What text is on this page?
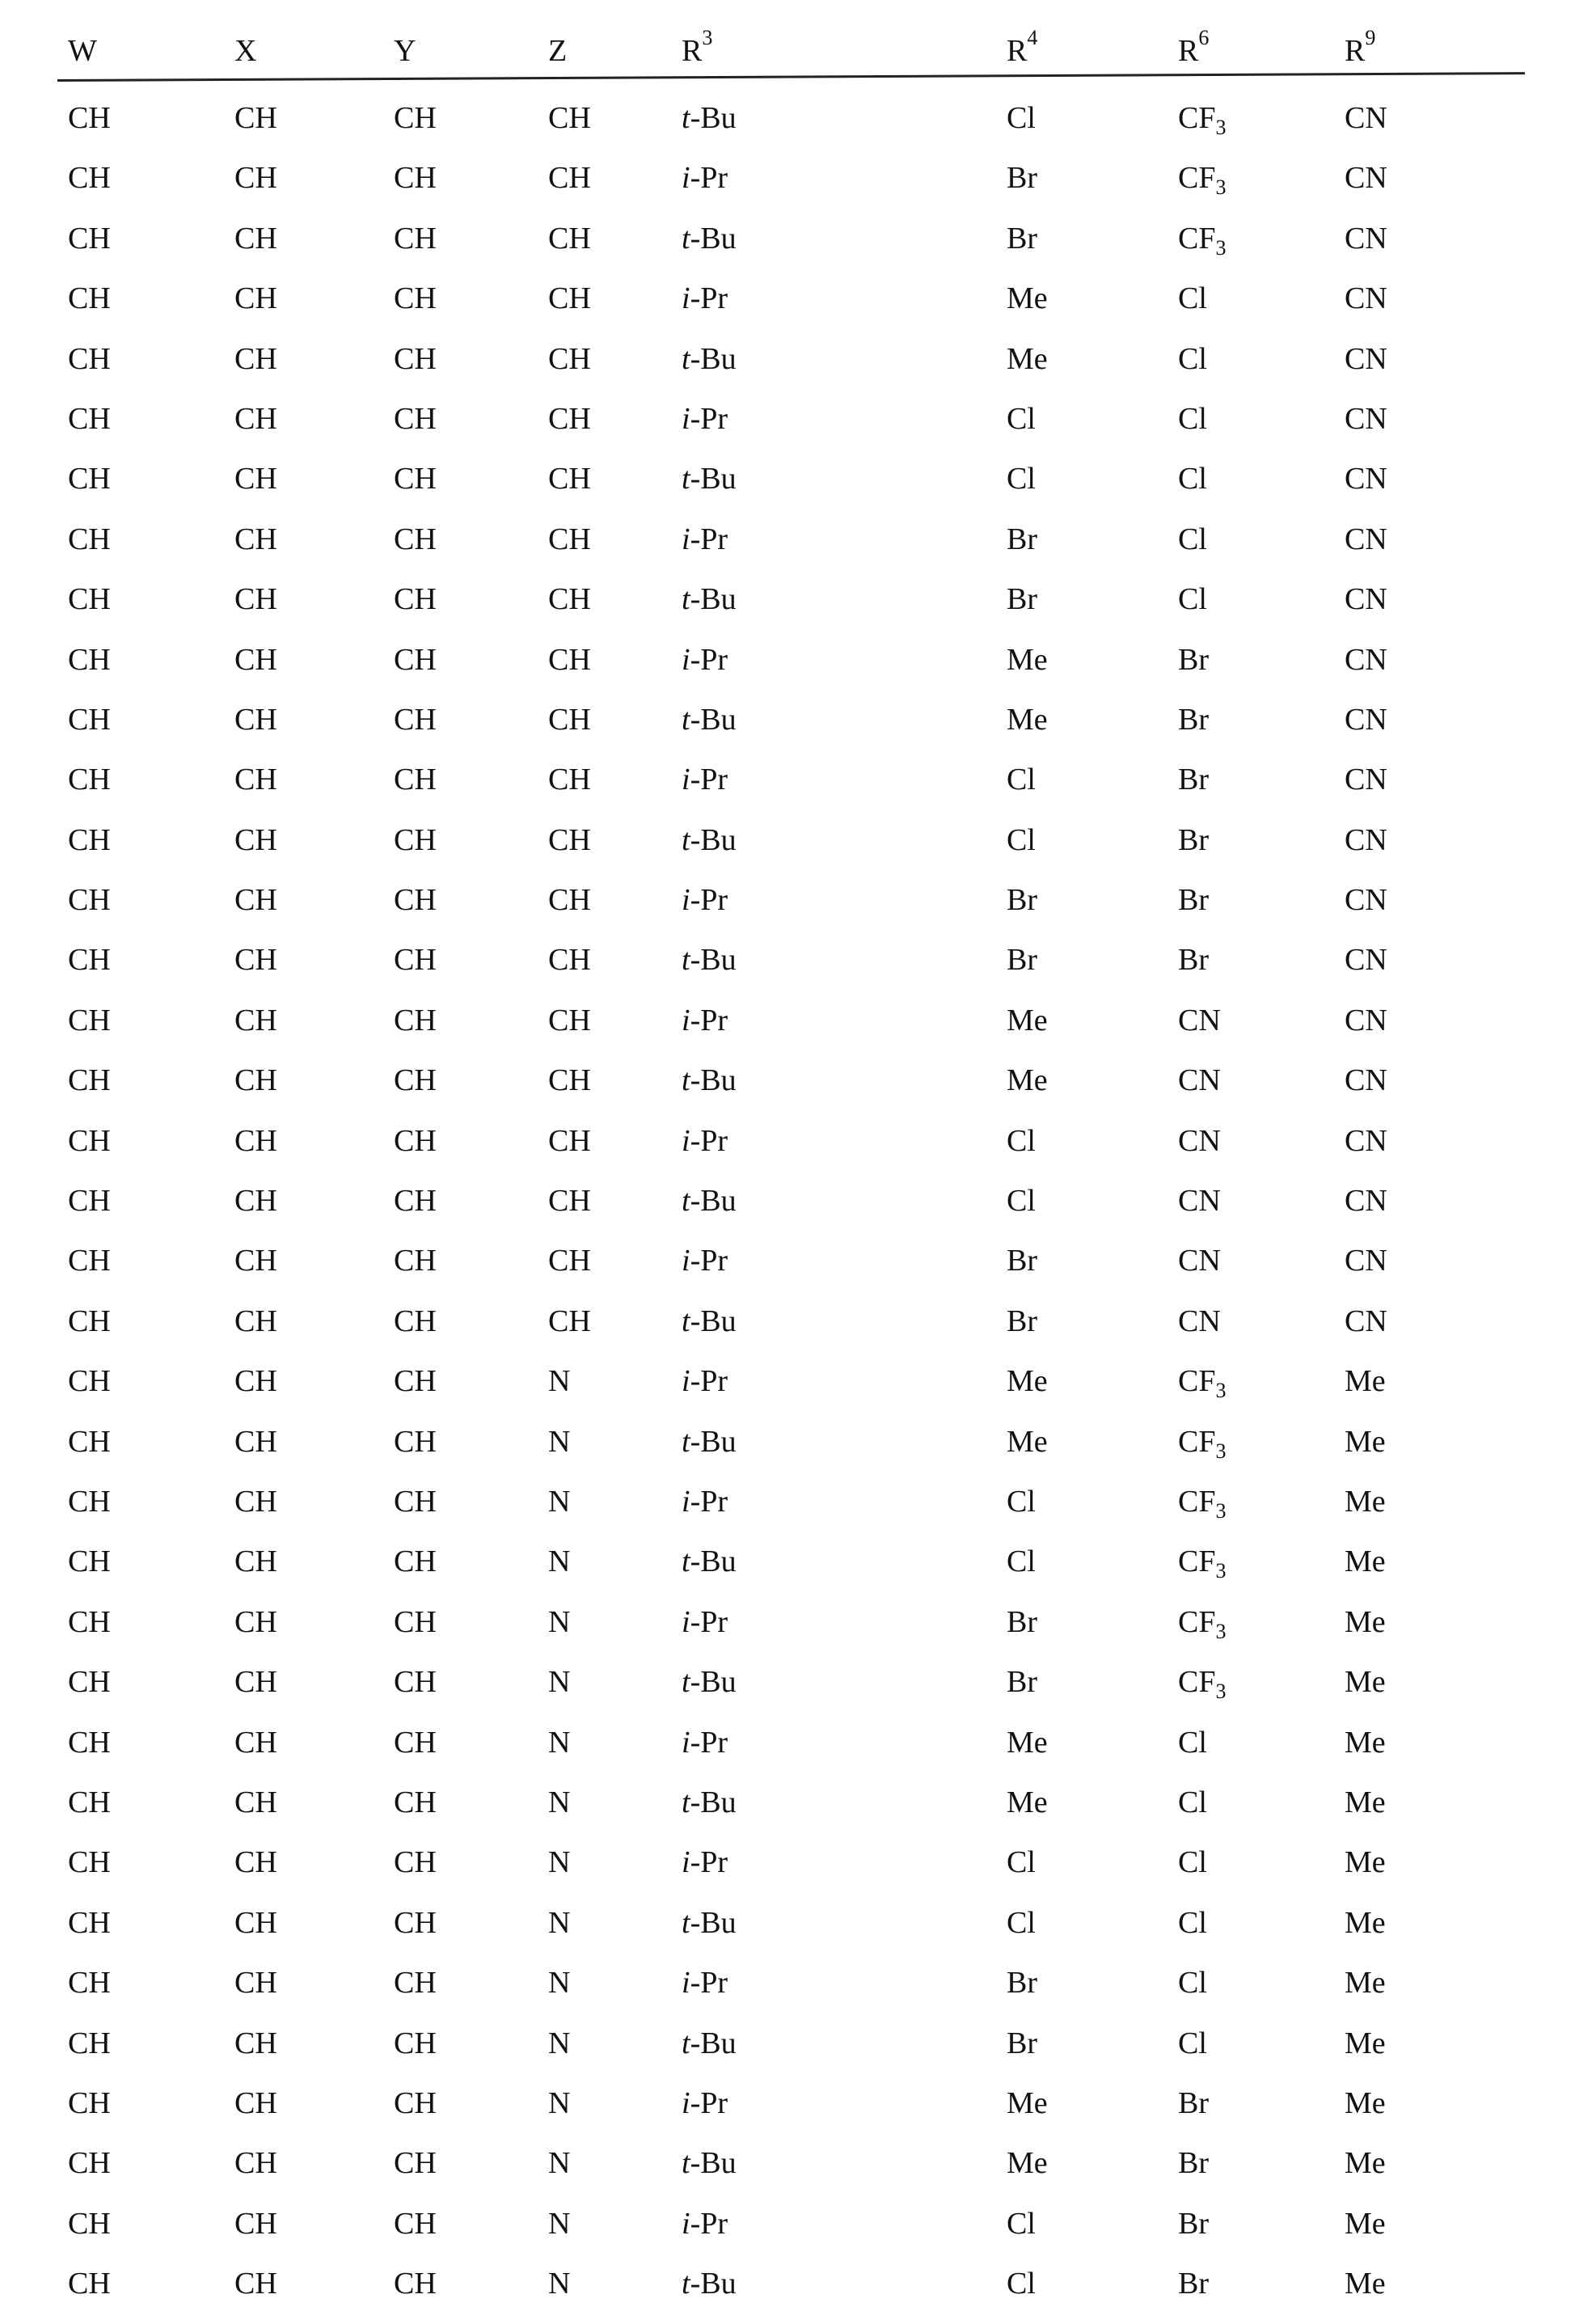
W	X	Y	Z	$R^3$	$R^4$	$R^6$	$R^9$
CH	CH	CH	CH	t-Bu	Cl	$CF_3$	CN
CH	CH	CH	CH	i-Pr	Br	$CF_3$	CN
CH	CH	CH	CH	t-Bu	Br	$CF_3$	CN
CH	CH	CH	CH	i-Pr	Me	Cl	CN
CH	CH	CH	CH	t-Bu	Me	Cl	CN
CH	CH	CH	CH	i-Pr	Cl	Cl	CN
CH	CH	CH	CH	t-Bu	Cl	Cl	CN
CH	CH	CH	CH	i-Pr	Br	Cl	CN
CH	CH	CH	CH	t-Bu	Br	Cl	CN
CH	CH	CH	CH	i-Pr	Me	Br	CN
CH	CH	CH	CH	t-Bu	Me	Br	CN
CH	CH	CH	CH	i-Pr	Cl	Br	CN
CH	CH	CH	CH	t-Bu	Cl	Br	CN
CH	CH	CH	CH	i-Pr	Br	Br	CN
CH	CH	CH	CH	t-Bu	Br	Br	CN
CH	CH	CH	CH	i-Pr	Me	CN	CN
CH	CH	CH	CH	t-Bu	Me	CN	CN
CH	CH	CH	CH	i-Pr	Cl	CN	CN
CH	CH	CH	CH	t-Bu	Cl	CN	CN
CH	CH	CH	CH	i-Pr	Br	CN	CN
CH	CH	CH	CH	t-Bu	Br	CN	CN
CH	CH	CH	N	i-Pr	Me	$CF_3$	Me
CH	CH	CH	N	t-Bu	Me	$CF_3$	Me
CH	CH	CH	N	i-Pr	Cl	$CF_3$	Me
CH	CH	CH	N	t-Bu	Cl	$CF_3$	Me
CH	CH	CH	N	i-Pr	Br	$CF_3$	Me
CH	CH	CH	N	t-Bu	Br	$CF_3$	Me
CH	CH	CH	N	i-Pr	Me	Cl	Me
CH	CH	CH	N	t-Bu	Me	Cl	Me
CH	CH	CH	N	i-Pr	Cl	Cl	Me
CH	CH	CH	N	t-Bu	Cl	Cl	Me
CH	CH	CH	N	i-Pr	Br	Cl	Me
CH	CH	CH	N	t-Bu	Br	Cl	Me
CH	CH	CH	N	i-Pr	Me	Br	Me
CH	CH	CH	N	t-Bu	Me	Br	Me
CH	CH	CH	N	i-Pr	Cl	Br	Me
CH	CH	CH	N	t-Bu	Cl	Br	Me
